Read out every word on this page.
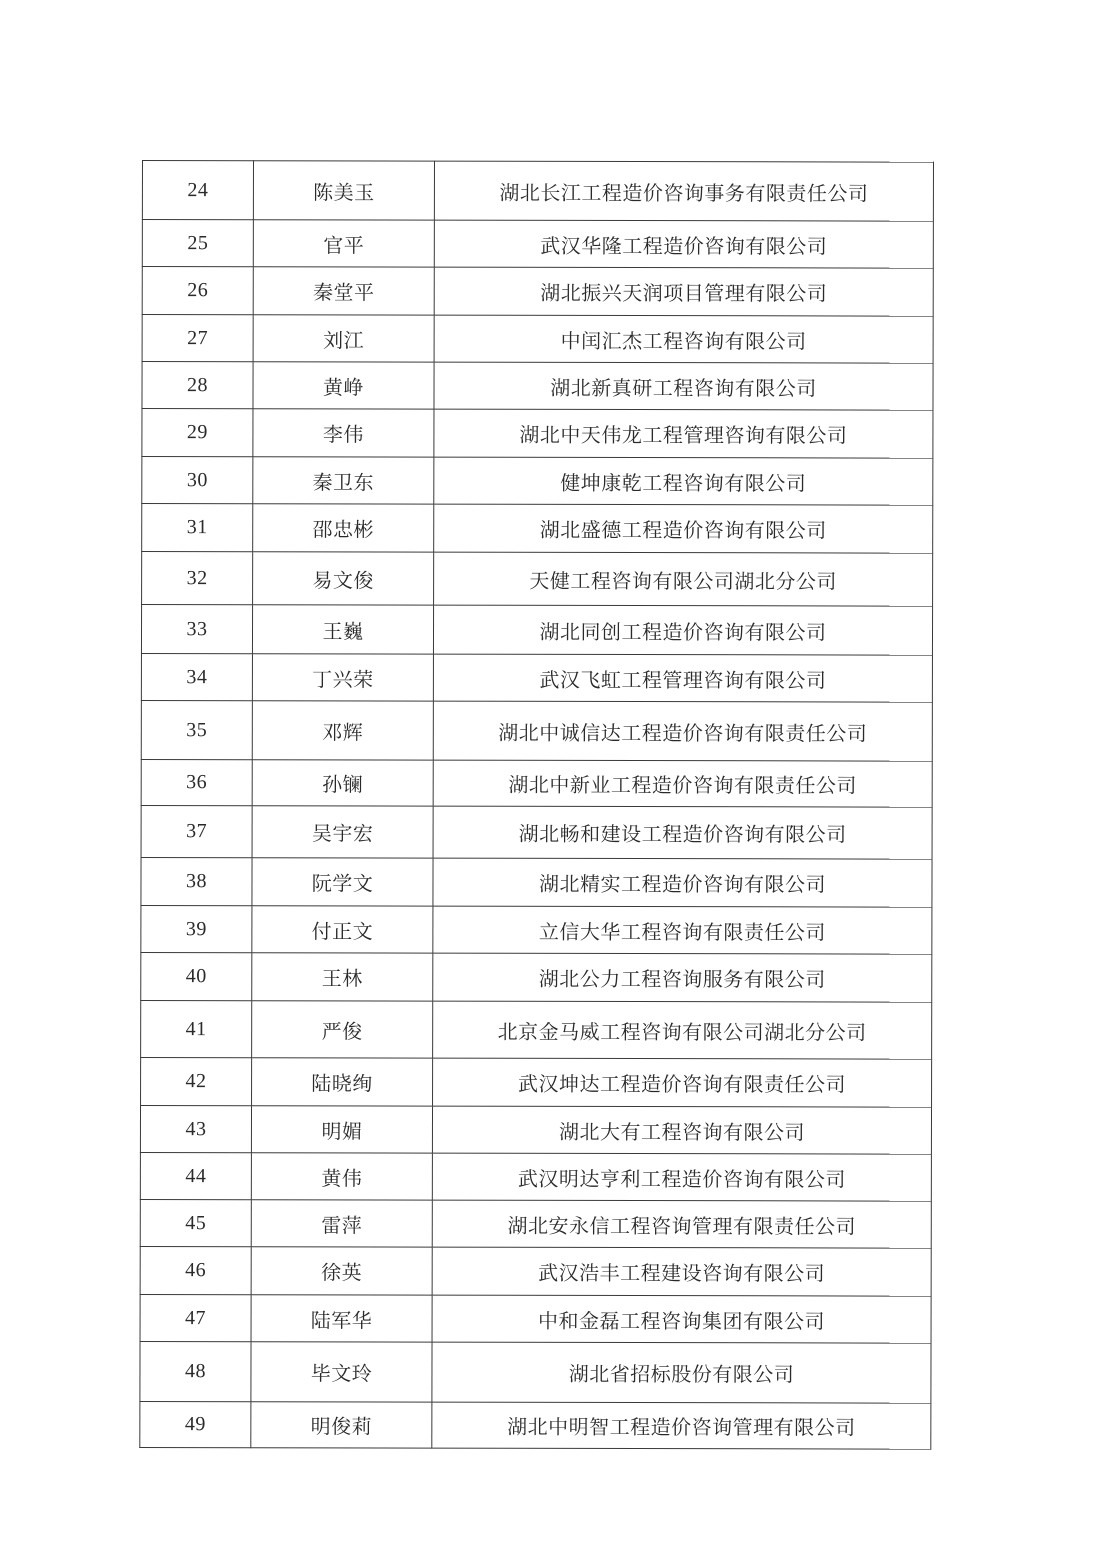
24	陈美玉	湖北长江工程造价咨询事务有限责任公司
25	官平	武汉华隆工程造价咨询有限公司
26	秦堂平	湖北振兴天润项目管理有限公司
27	刘江	中闰汇杰工程咨询有限公司
28	黄峥	湖北新真研工程咨询有限公司
29	李伟	湖北中天伟龙工程管理咨询有限公司
30	秦卫东	健坤康乾工程咨询有限公司
31	邵忠彬	湖北盛德工程造价咨询有限公司
32	易文俊	天健工程咨询有限公司湖北分公司
33	王巍	湖北同创工程造价咨询有限公司
34	丁兴荣	武汉飞虹工程管理咨询有限公司
35	邓辉	湖北中诚信达工程造价咨询有限责任公司
36	孙镧	湖北中新业工程造价咨询有限责任公司
37	吴宇宏	湖北畅和建设工程造价咨询有限公司
38	阮学文	湖北精实工程造价咨询有限公司
39	付正文	立信大华工程咨询有限责任公司
40	王林	湖北公力工程咨询服务有限公司
41	严俊	北京金马威工程咨询有限公司湖北分公司
42	陆晓绚	武汉坤达工程造价咨询有限责任公司
43	明媚	湖北大有工程咨询有限公司
44	黄伟	武汉明达亨利工程造价咨询有限公司
45	雷萍	湖北安永信工程咨询管理有限责任公司
46	徐英	武汉浩丰工程建设咨询有限公司
47	陆军华	中和金磊工程咨询集团有限公司
48	毕文玲	湖北省招标股份有限公司
49	明俊莉	湖北中明智工程造价咨询管理有限公司
